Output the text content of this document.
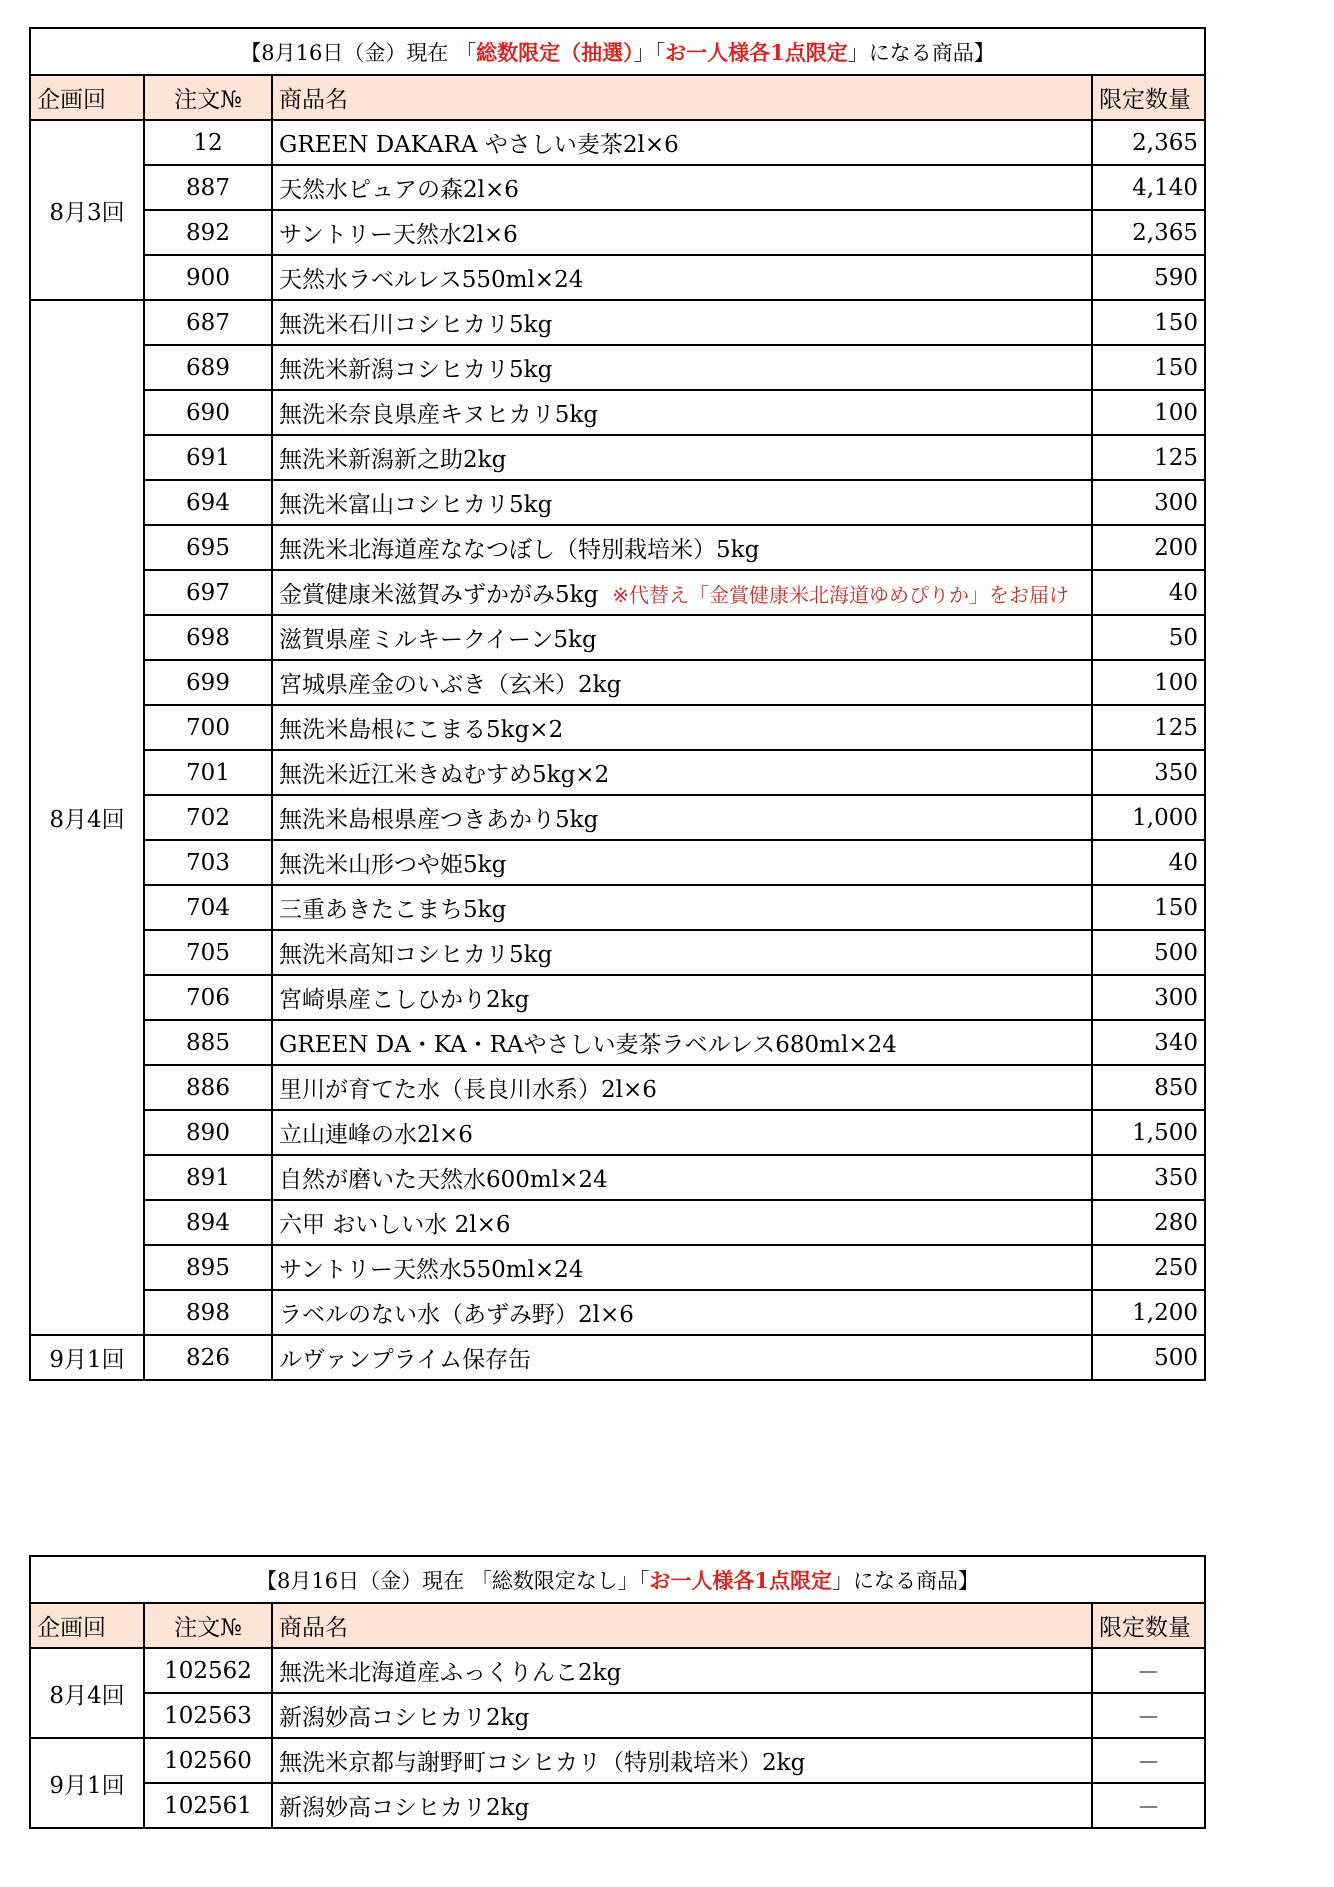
【8月16日（金）現在 「総数限定（抽選）」「お一人様各1点限定」になる商品】			
企画回	注文№	商品名	限定数量
8月3回	12	GREEN DAKARA やさしい麦茶2l×6	2,365
	887	天然水ピュアの森2l×6	4,140
	892	サントリー天然水2l×6	2,365
	900	天然水ラベルレス550ml×24	590
8月4回	687	無洗米石川コシヒカリ5kg	150
	689	無洗米新潟コシヒカリ5kg	150
	690	無洗米奈良県産キヌヒカリ5kg	100
	691	無洗米新潟新之助2kg	125
	694	無洗米富山コシヒカリ5kg	300
	695	無洗米北海道産ななつぼし（特別栽培米）5kg	200
	697	金賞健康米滋賀みずかがみ5kg ※代替え「金賞健康米北海道ゆめぴりか」をお届け	40
	698	滋賀県産ミルキークイーン5kg	50
	699	宮城県産金のいぶき（玄米）2kg	100
	700	無洗米島根にこまる5kg×2	125
	701	無洗米近江米きぬむすめ5kg×2	350
	702	無洗米島根県産つきあかり5kg	1,000
	703	無洗米山形つや姫5kg	40
	704	三重あきたこまち5kg	150
	705	無洗米高知コシヒカリ5kg	500
	706	宮崎県産こしひかり2kg	300
	885	GREEN DA・KA・RAやさしい麦茶ラベルレス680ml×24	340
	886	里川が育てた水（長良川水系）2l×6	850
	890	立山連峰の水2l×6	1,500
	891	自然が磨いた天然水600ml×24	350
	894	六甲 おいしい水 2l×6	280
	895	サントリー天然水550ml×24	250
	898	ラベルのない水（あずみ野）2l×6	1,200
9月1回	826	ルヴァンプライム保存缶	500
【8月16日（金）現在 「総数限定なし」「お一人様各1点限定」になる商品】			
企画回	注文№	商品名	限定数量
8月4回	102562	無洗米北海道産ふっくりんこ2kg	－
	102563	新潟妙高コシヒカリ2kg	－
9月1回	102560	無洗米京都与謝野町コシヒカリ（特別栽培米）2kg	－
	102561	新潟妙高コシヒカリ2kg	－
